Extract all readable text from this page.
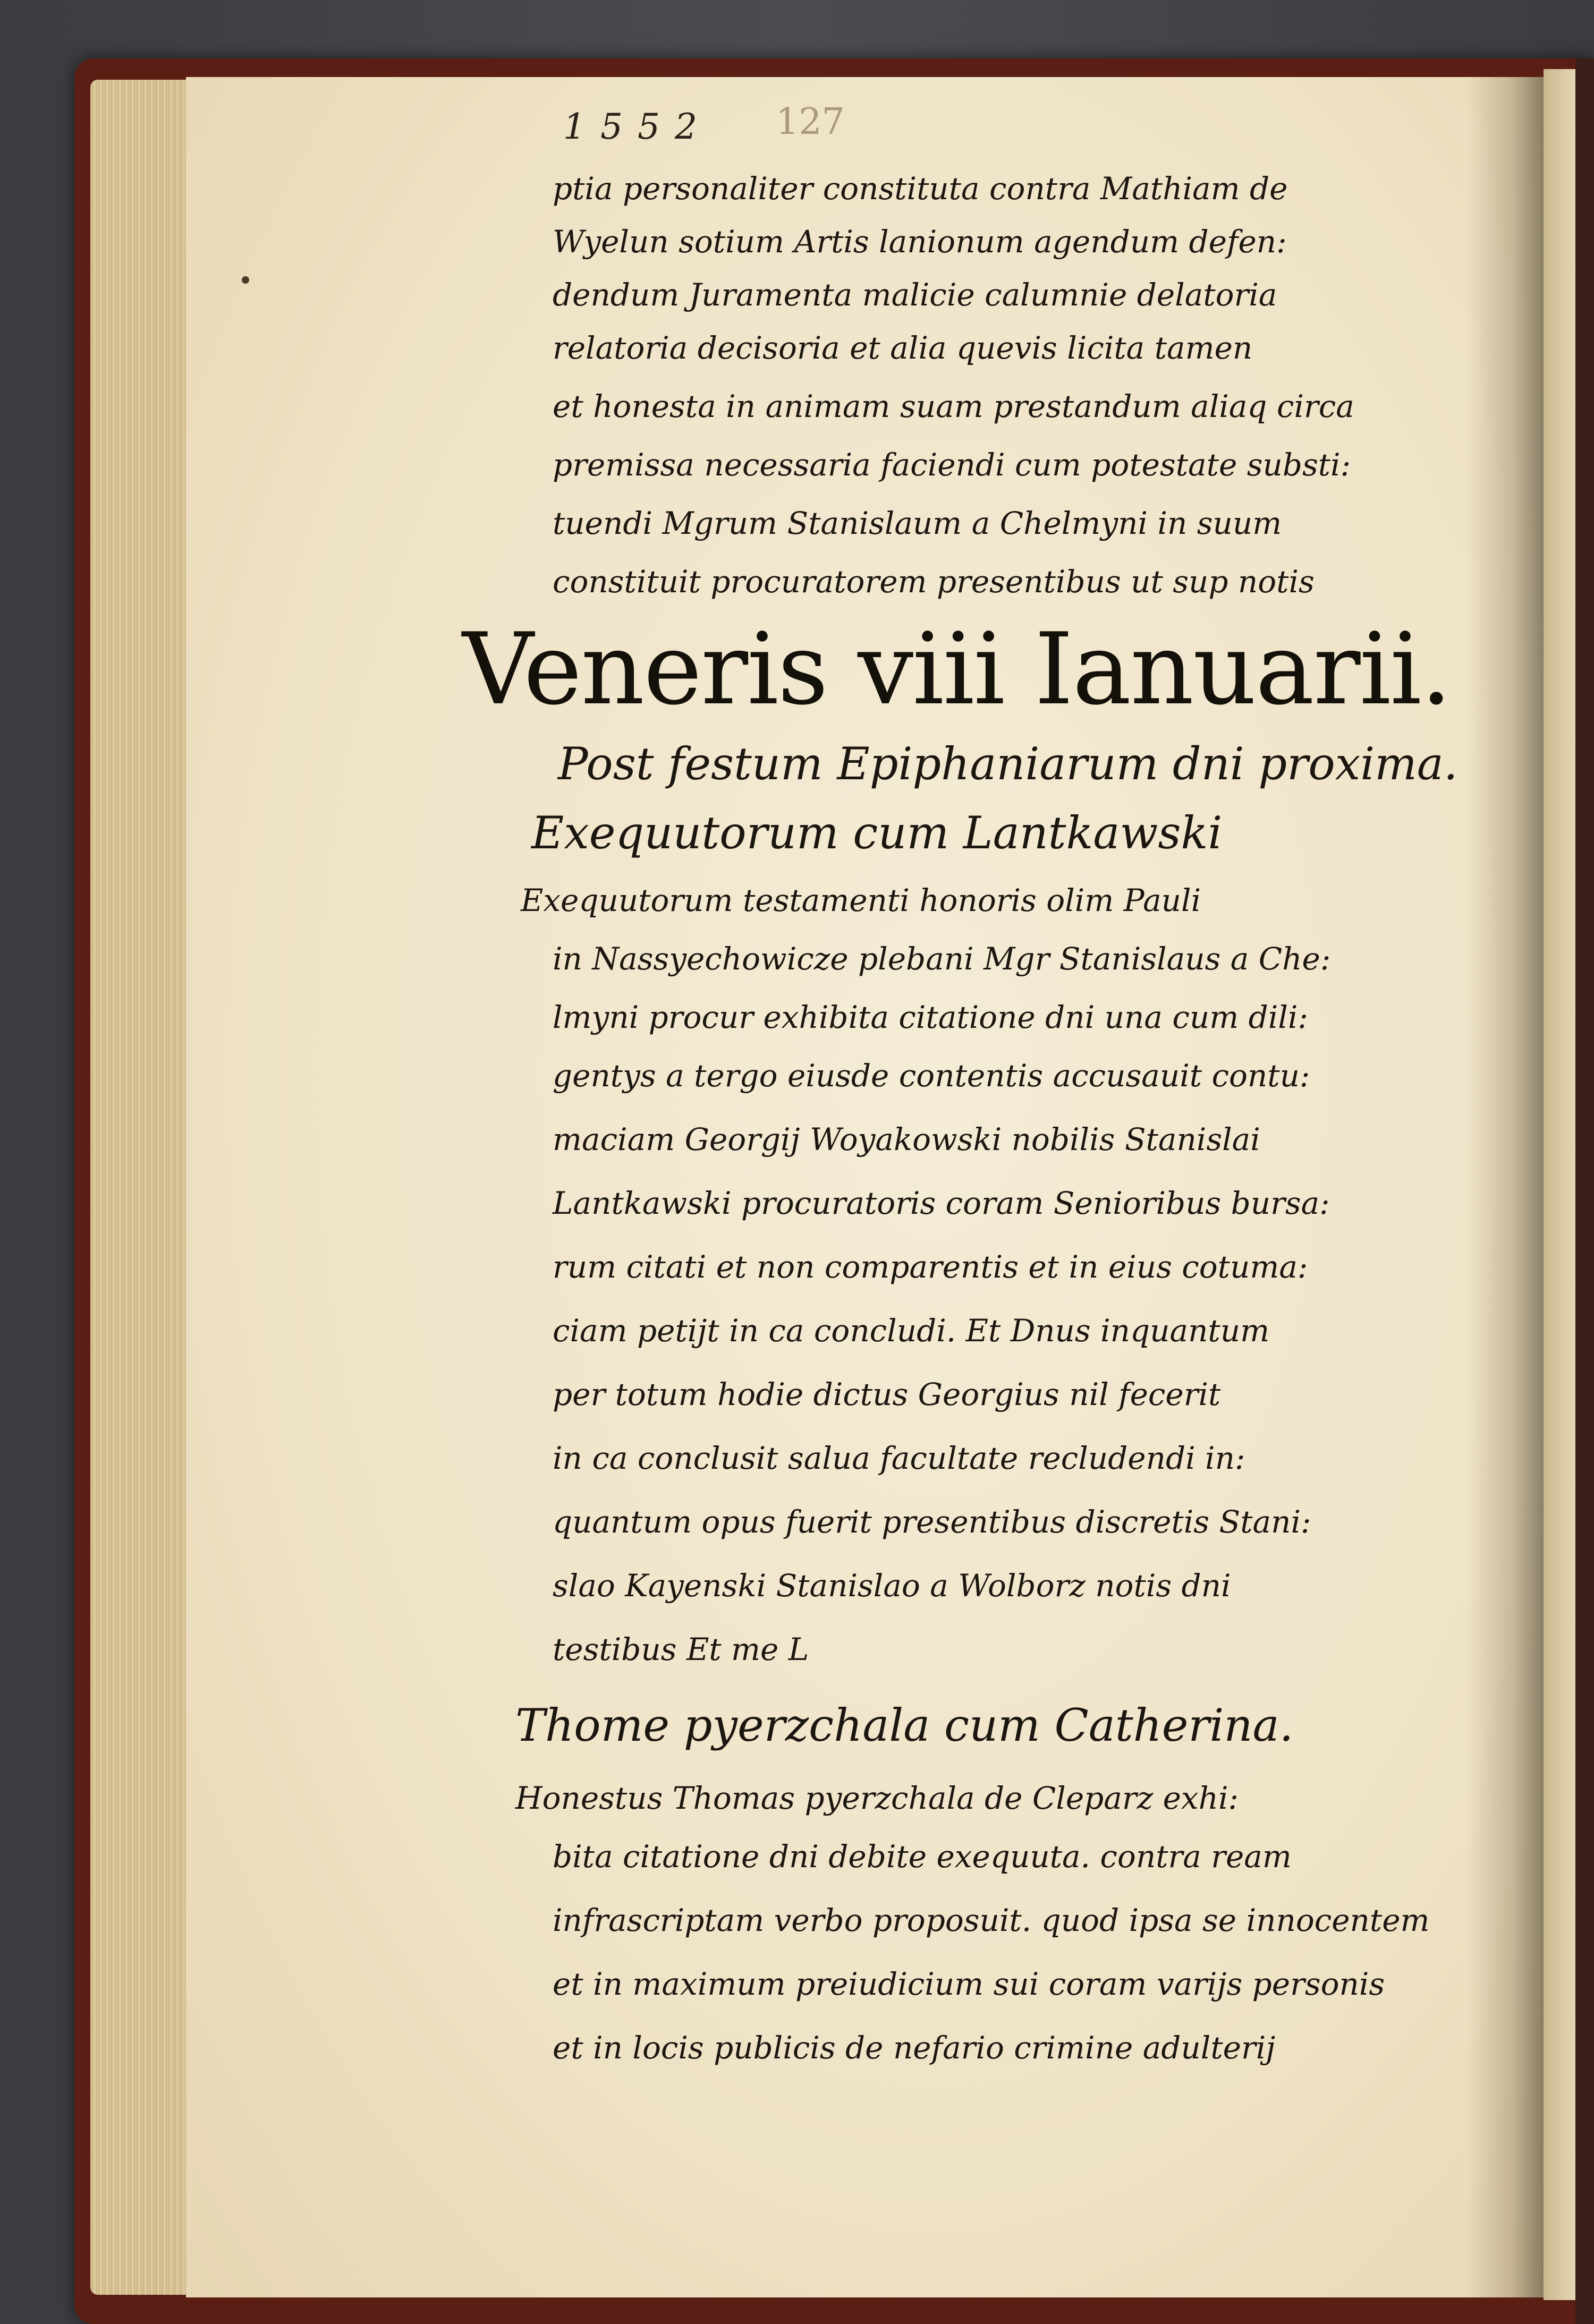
1552 127
ptia personaliter constituta contra Mathiam de
Wyelun sotium Artis lanionum agendum defen:
dendum Juramenta malicie calumnie delatoria
relatoria decisoria et alia quevis licita tamen
et honesta in animam suam prestandum aliaq circa
premissa necessaria faciendi cum potestate substi:
tuendi Mgrum Stanislaum a Chelmyni in suum
constituit procuratorem presentibus ut sup notis
Veneris viii Ianuarii.
Post festum Epiphaniarum dni proxima.
Exequutorum cum Lantkawski
Exequutorum testamenti honoris olim Pauli
in Nassyechowicze plebani Mgr Stanislaus a Che:
lmyni procur exhibita citatione dni una cum dili:
gentys a tergo eiusde contentis accusauit contu:
maciam Georgij Woyakowski nobilis Stanislai
Lantkawski procuratoris coram Senioribus bursa:
rum citati et non comparentis et in eius cotuma:
ciam petijt in ca concludi. Et Dnus inquantum
per totum hodie dictus Georgius nil fecerit
in ca conclusit salua facultate recludendi in:
quantum opus fuerit presentibus discretis Stani:
slao Kayenski Stanislao a Wolborz notis dni
testibus Et me L
Thome pyerzchala cum Catherina.
Honestus Thomas pyerzchala de Cleparz exhi:
bita citatione dni debite exequuta. contra ream
infrascriptam verbo proposuit. quod ipsa se innocentem
et in maximum preiudicium sui coram varijs personis
et in locis publicis de nefario crimine adulterij
